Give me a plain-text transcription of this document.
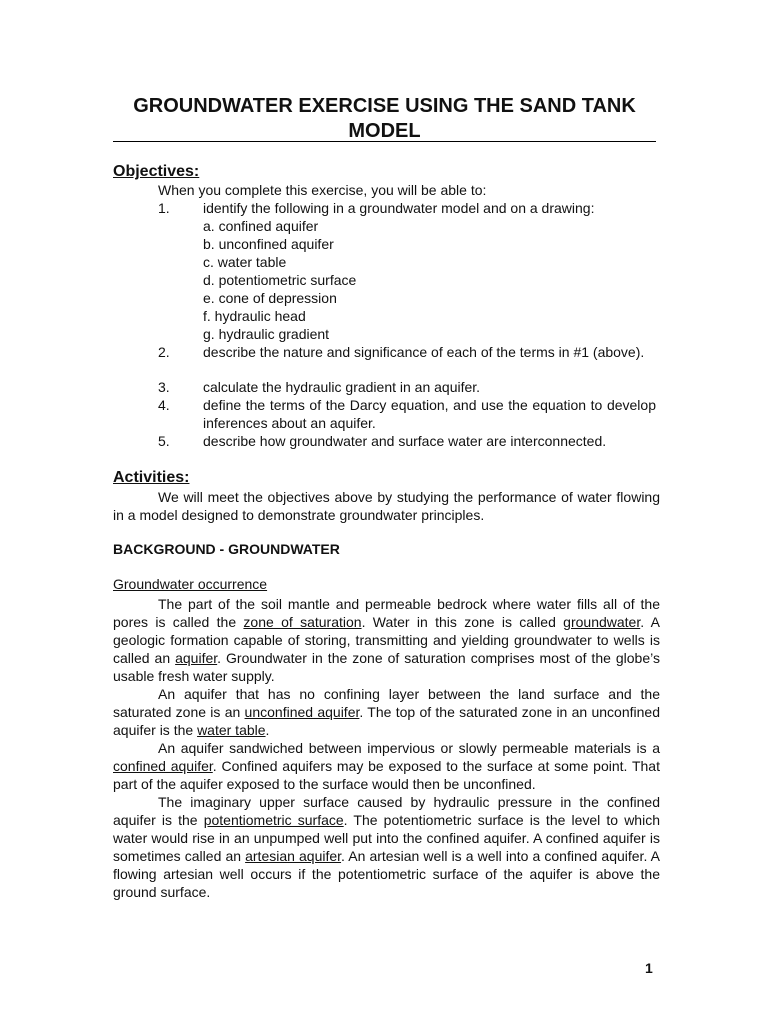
GROUNDWATER EXERCISE USING THE SAND TANK MODEL
Objectives:
When you complete this exercise, you will be able to:
1. identify the following in a groundwater model and on a drawing:
a. confined aquifer
b. unconfined aquifer
c. water table
d. potentiometric surface
e. cone of depression
f. hydraulic head
g. hydraulic gradient
2. describe the nature and significance of each of the terms in #1 (above).
3. calculate the hydraulic gradient in an aquifer.
4. define the terms of the Darcy equation, and use the equation to develop inferences about an aquifer.
5. describe how groundwater and surface water are interconnected.
Activities:
We will meet the objectives above by studying the performance of water flowing in a model designed to demonstrate groundwater principles.
BACKGROUND - GROUNDWATER
Groundwater occurrence
The part of the soil mantle and permeable bedrock where water fills all of the pores is called the zone of saturation. Water in this zone is called groundwater. A geologic formation capable of storing, transmitting and yielding groundwater to wells is called an aquifer. Groundwater in the zone of saturation comprises most of the globe’s usable fresh water supply.
An aquifer that has no confining layer between the land surface and the saturated zone is an unconfined aquifer. The top of the saturated zone in an unconfined aquifer is the water table.
An aquifer sandwiched between impervious or slowly permeable materials is a confined aquifer. Confined aquifers may be exposed to the surface at some point. That part of the aquifer exposed to the surface would then be unconfined.
The imaginary upper surface caused by hydraulic pressure in the confined aquifer is the potentiometric surface. The potentiometric surface is the level to which water would rise in an unpumped well put into the confined aquifer. A confined aquifer is sometimes called an artesian aquifer. An artesian well is a well into a confined aquifer. A flowing artesian well occurs if the potentiometric surface of the aquifer is above the ground surface.
1
